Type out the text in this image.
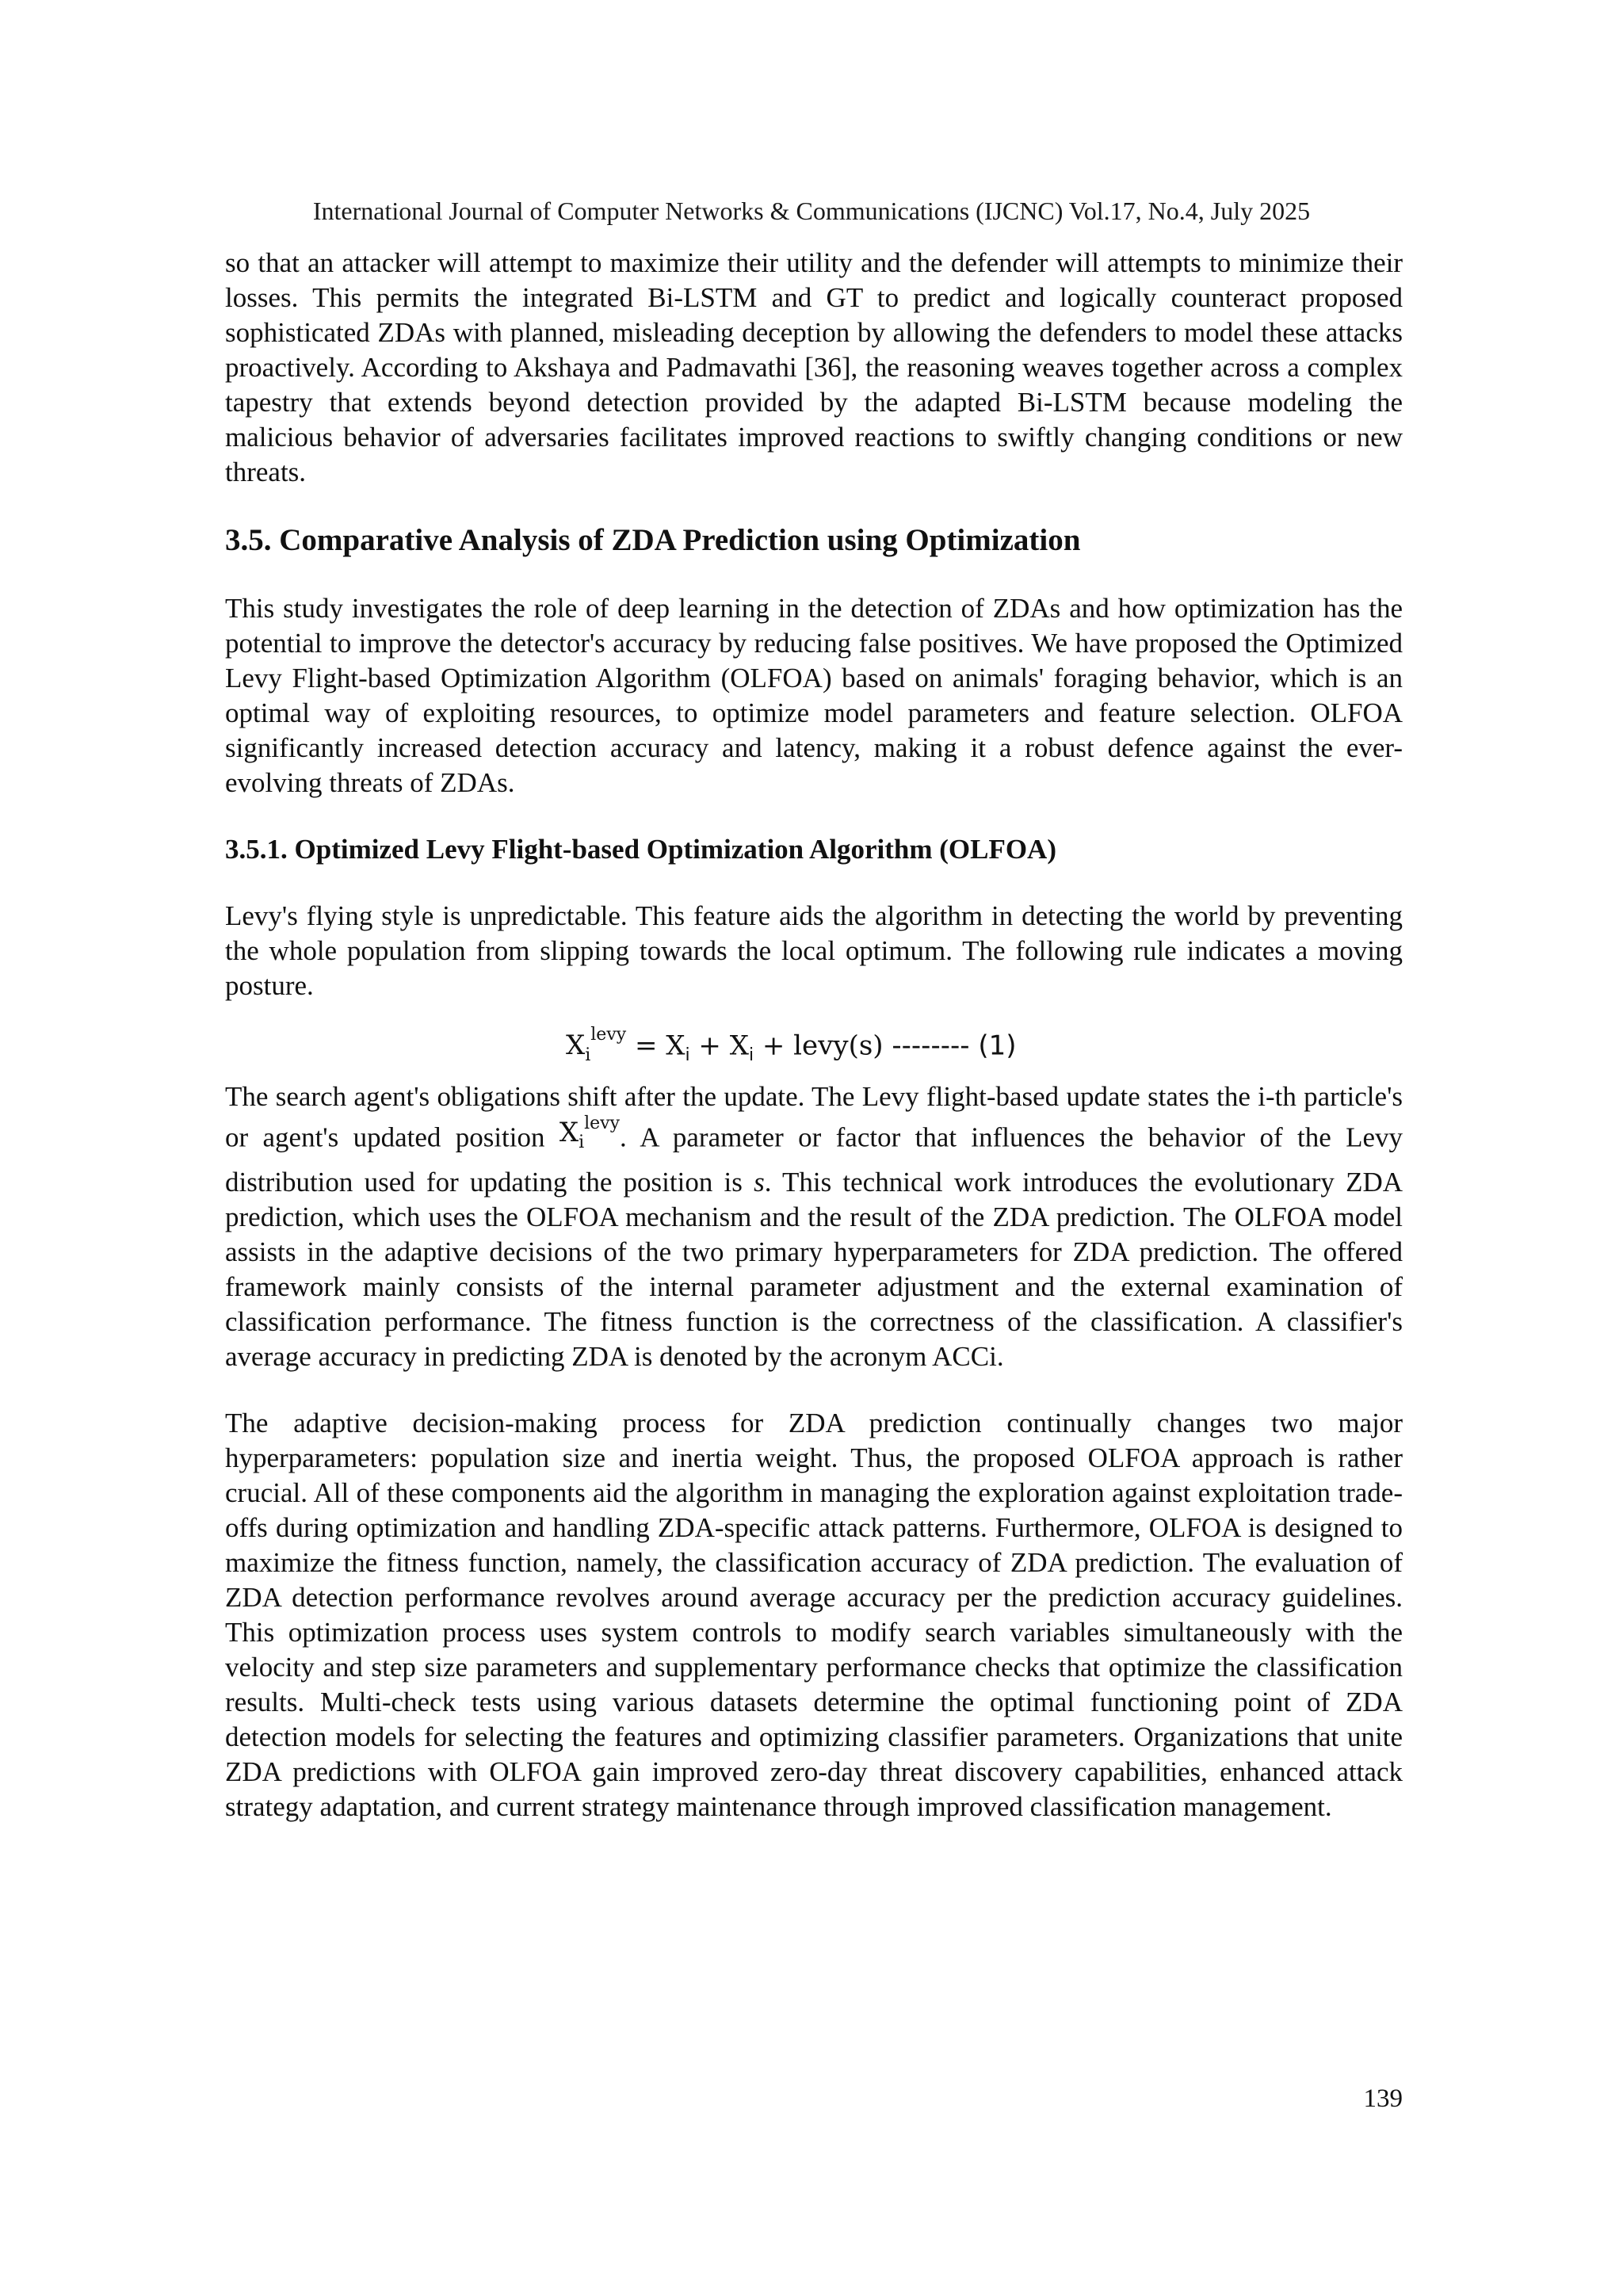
International Journal of Computer Networks & Communications (IJCNC) Vol.17, No.4, July 2025

so that an attacker will attempt to maximize their utility and the defender will attempts to minimize their losses. This permits the integrated Bi-LSTM and GT to predict and logically counteract proposed sophisticated ZDAs with planned, misleading deception by allowing the defenders to model these attacks proactively. According to Akshaya and Padmavathi [36], the reasoning weaves together across a complex tapestry that extends beyond detection provided by the adapted Bi-LSTM because modeling the malicious behavior of adversaries facilitates improved reactions to swiftly changing conditions or new threats.

3.5. Comparative Analysis of ZDA Prediction using Optimization

This study investigates the role of deep learning in the detection of ZDAs and how optimization has the potential to improve the detector's accuracy by reducing false positives. We have proposed the Optimized Levy Flight-based Optimization Algorithm (OLFOA) based on animals' foraging behavior, which is an optimal way of exploiting resources, to optimize model parameters and feature selection. OLFOA significantly increased detection accuracy and latency, making it a robust defence against the ever-evolving threats of ZDAs.

3.5.1. Optimized Levy Flight-based Optimization Algorithm (OLFOA)

Levy's flying style is unpredictable. This feature aids the algorithm in detecting the world by preventing the whole population from slipping towards the local optimum. The following rule indicates a moving posture.

$X_i^{levy} = X_i + X_i$ + levy(s) -------- (1)

The search agent's obligations shift after the update. The Levy flight-based update states the i-th particle's or agent's updated position $X_i^{levy}$. A parameter or factor that influences the behavior of the Levy distribution used for updating the position is s. This technical work introduces the evolutionary ZDA prediction, which uses the OLFOA mechanism and the result of the ZDA prediction. The OLFOA model assists in the adaptive decisions of the two primary hyperparameters for ZDA prediction. The offered framework mainly consists of the internal parameter adjustment and the external examination of classification performance. The fitness function is the correctness of the classification. A classifier's average accuracy in predicting ZDA is denoted by the acronym ACCi.

The adaptive decision-making process for ZDA prediction continually changes two major hyperparameters: population size and inertia weight. Thus, the proposed OLFOA approach is rather crucial. All of these components aid the algorithm in managing the exploration against exploitation trade-offs during optimization and handling ZDA-specific attack patterns. Furthermore, OLFOA is designed to maximize the fitness function, namely, the classification accuracy of ZDA prediction. The evaluation of ZDA detection performance revolves around average accuracy per the prediction accuracy guidelines. This optimization process uses system controls to modify search variables simultaneously with the velocity and step size parameters and supplementary performance checks that optimize the classification results. Multi-check tests using various datasets determine the optimal functioning point of ZDA detection models for selecting the features and optimizing classifier parameters. Organizations that unite ZDA predictions with OLFOA gain improved zero-day threat discovery capabilities, enhanced attack strategy adaptation, and current strategy maintenance through improved classification management.

139
